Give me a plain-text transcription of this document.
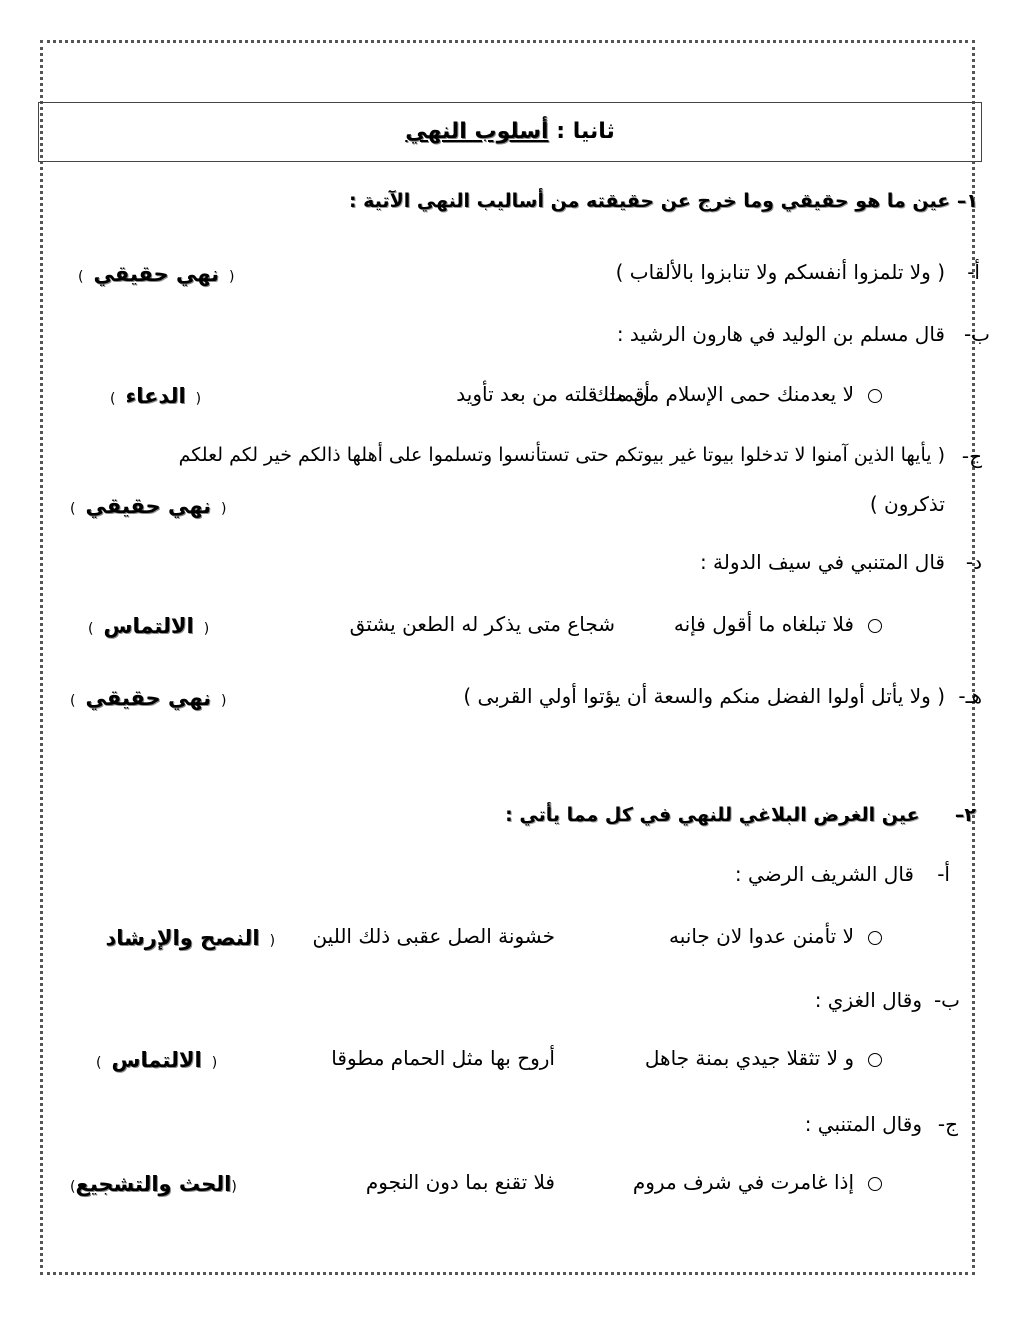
ثانيا : أسلوب النهي
١– عين ما هو حقيقي وما خرج عن حقيقته من أساليب النهي الآتية :
أ-
( ولا تلمزوا أنفسكم ولا تنابزوا بالألقاب )
(نهي حقيقي)
ب-
قال مسلم بن الوليد في هارون الرشيد :
لا يعدمنك حمى الإسلام من ملك
أقمت قلته من بعد تأويد
(الدعاء)
ج-
( يأيها الذين آمنوا لا تدخلوا بيوتا غير بيوتكم حتى تستأنسوا وتسلموا على أهلها ذالكم خير لكم لعلكم
تذكرون )
(نهي حقيقي)
د-
قال المتنبي في سيف الدولة :
فلا تبلغاه ما أقول فإنه
شجاع متى يذكر له الطعن يشتق
(الالتماس)
هـ-
( ولا يأتل أولوا الفضل منكم والسعة أن يؤتوا أولي القربى )
(نهي حقيقي)
٢–  عين الغرض البلاغي للنهي في كل مما يأتي :
أ-
قال الشريف الرضي :
لا تأمنن عدوا لان جانبه
خشونة الصل عقبى ذلك اللين
(النصح والإرشاد
ب-
وقال الغزي :
و لا تثقلا جيدي بمنة جاهل
أروح بها مثل الحمام مطوقا
(الالتماس)
ج-
وقال المتنبي :
إذا غامرت في شرف مروم
فلا تقنع بما دون النجوم
(الحث والتشجيع)
